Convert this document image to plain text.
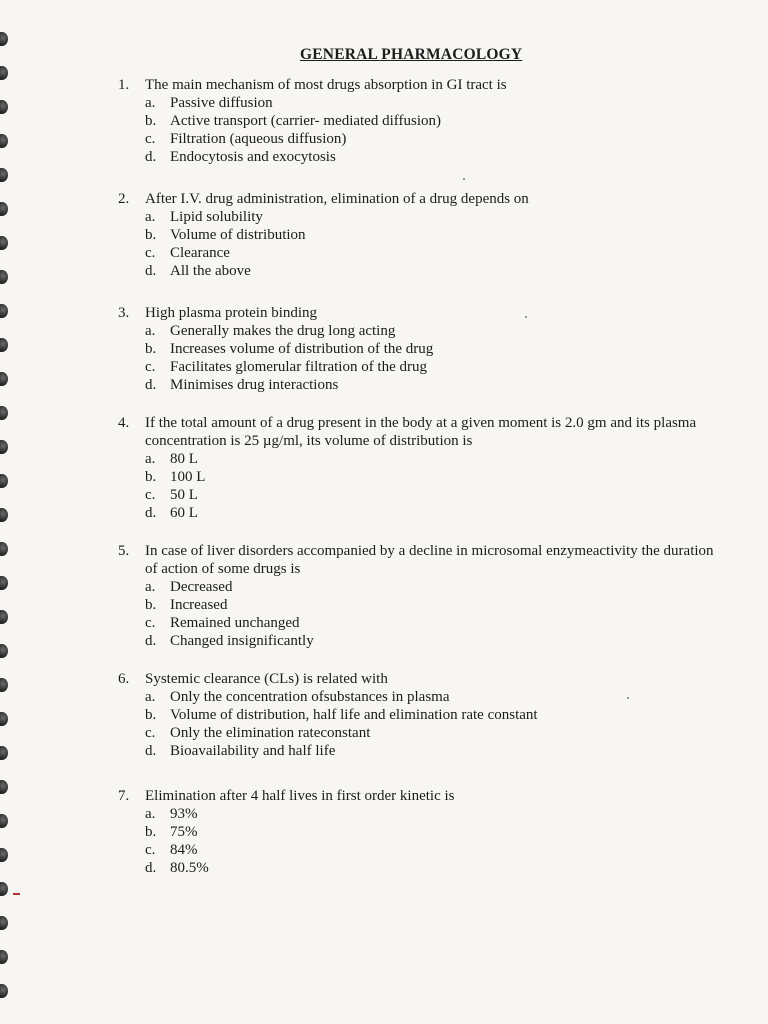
GENERAL PHARMACOLOGY
1.	The main mechanism of most drugs absorption in GI tract is
a. Passive diffusion
b. Active transport (carrier- mediated diffusion)
c. Filtration (aqueous diffusion)
d. Endocytosis and exocytosis
2.	After I.V. drug administration, elimination of a drug depends on
a. Lipid solubility
b. Volume of distribution
c. Clearance
d. All the above
3.	High plasma protein binding
a. Generally makes the drug long acting
b. Increases volume of distribution of the drug
c. Facilitates glomerular filtration of the drug
d. Minimises drug interactions
4.	If the total amount of a drug present in the body at a given moment is 2.0 gm and its plasma concentration is 25 µg/ml, its volume of distribution is
a. 80 L
b. 100 L
c. 50 L
d. 60 L
5.	In case of liver disorders accompanied by a decline in microsomal enzymeactivity the duration of action of some drugs is
a. Decreased
b. Increased
c. Remained unchanged
d. Changed insignificantly
6.	Systemic clearance (CLs) is related with
a. Only the concentration ofsubstances in plasma
b. Volume of distribution, half life and elimination rate constant
c. Only the elimination rateconstant
d. Bioavailability and half life
7.	Elimination after 4 half lives in first order kinetic is
a. 93%
b. 75%
c. 84%
d. 80.5%
